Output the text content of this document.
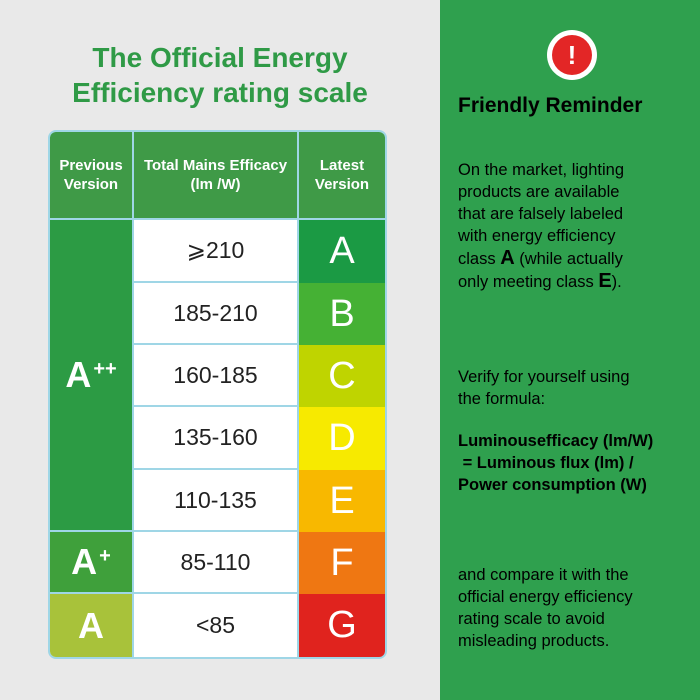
The Official Energy
Efficiency rating scale
Previous
Version
Total Mains Efficacy
(lm /W)
Latest
Version
A++
A+
A
⩾210
185-210
160-185
135-160
110-135
85-110
<85
A
B
C
D
E
F
G
!
Friendly Reminder
On the market, lighting
products are available
that are falsely labeled
with energy efficiency
class A (while actually
only meeting class E).
Verify for yourself using
the formula:
Luminousefficacy (lm/W)
= Luminous flux (lm) /
Power consumption (W)
and compare it with the
official energy efficiency
rating scale to avoid
misleading products.
